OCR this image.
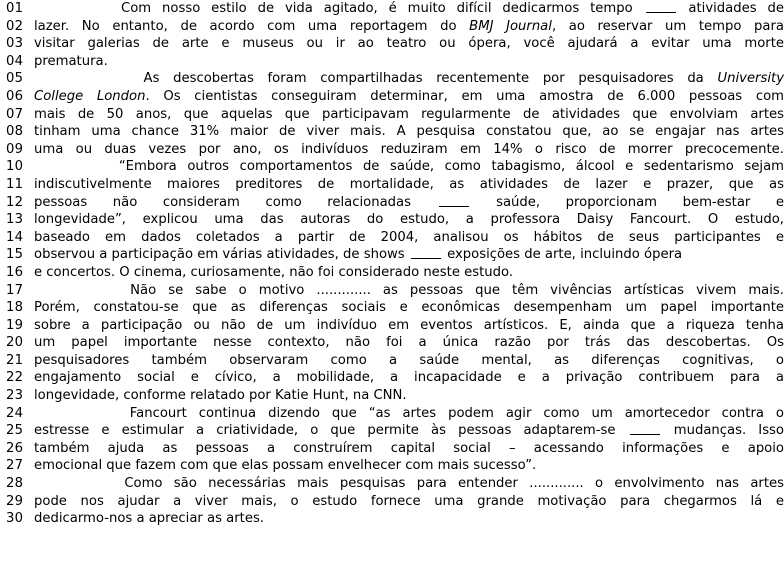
01	Com nosso estilo de vida agitado, é muito difícil dedicarmos tempo	atividades de
02 lazer. No entanto, de acordo com uma reportagem do BMJ Journal, ao reservar um tempo para
03 visitar galerias de arte e museus ou ir ao teatro ou ópera, você ajudará a evitar uma morte
04 prematura.
05	As descobertas foram compartilhadas recentemente por pesquisadores da University
06 College London. Os cientistas conseguiram determinar, em uma amostra de 6.000 pessoas com
07 mais de 50 anos, que aquelas que participavam regularmente de atividades que envolviam artes
08 tinham uma chance 31% maior de viver mais. A pesquisa constatou que, ao se engajar nas artes
09 uma ou duas vezes por ano, os indivíduos reduziram em 14% o risco de morrer precocemente.
10	“Embora outros comportamentos de saúde, como tabagismo, álcool e sedentarismo sejam
11 indiscutivelmente maiores preditores de mortalidade, as atividades de lazer e prazer, que as
12 pessoas não consideram como relacionadas	saúde, proporcionam bem-estar e
13 longevidade”, explicou uma das autoras do estudo, a professora Daisy Fancourt. O estudo,
14 baseado em dados coletados a partir de 2004, analisou os hábitos de seus participantes e
15 observou a participação em várias atividades, de shows	exposições de arte, incluindo ópera
16 e concertos. O cinema, curiosamente, não foi considerado neste estudo.
17	Não se sabe o motivo ............. as pessoas que têm vivências artísticas vivem mais.
18 Porém, constatou-se que as diferenças sociais e econômicas desempenham um papel importante
19 sobre a participação ou não de um indivíduo em eventos artísticos. E, ainda que a riqueza tenha
20 um papel importante nesse contexto, não foi a única razão por trás das descobertas. Os
21 pesquisadores também observaram como a saúde mental, as diferenças cognitivas, o
22 engajamento social e cívico, a mobilidade, a incapacidade e a privação contribuem para a
23 longevidade, conforme relatado por Katie Hunt, na CNN.
24	Fancourt continua dizendo que “as artes podem agir como um amortecedor contra o
25 estresse e estimular a criatividade, o que permite às pessoas adaptarem-se	mudanças. Isso
26 também ajuda as pessoas a construírem capital social – acessando informações e apoio
27 emocional que fazem com que elas possam envelhecer com mais sucesso”.
28	Como são necessárias mais pesquisas para entender ............. o envolvimento nas artes
29 pode nos ajudar a viver mais, o estudo fornece uma grande motivação para chegarmos lá e
30 dedicarmo-nos a apreciar as artes.
